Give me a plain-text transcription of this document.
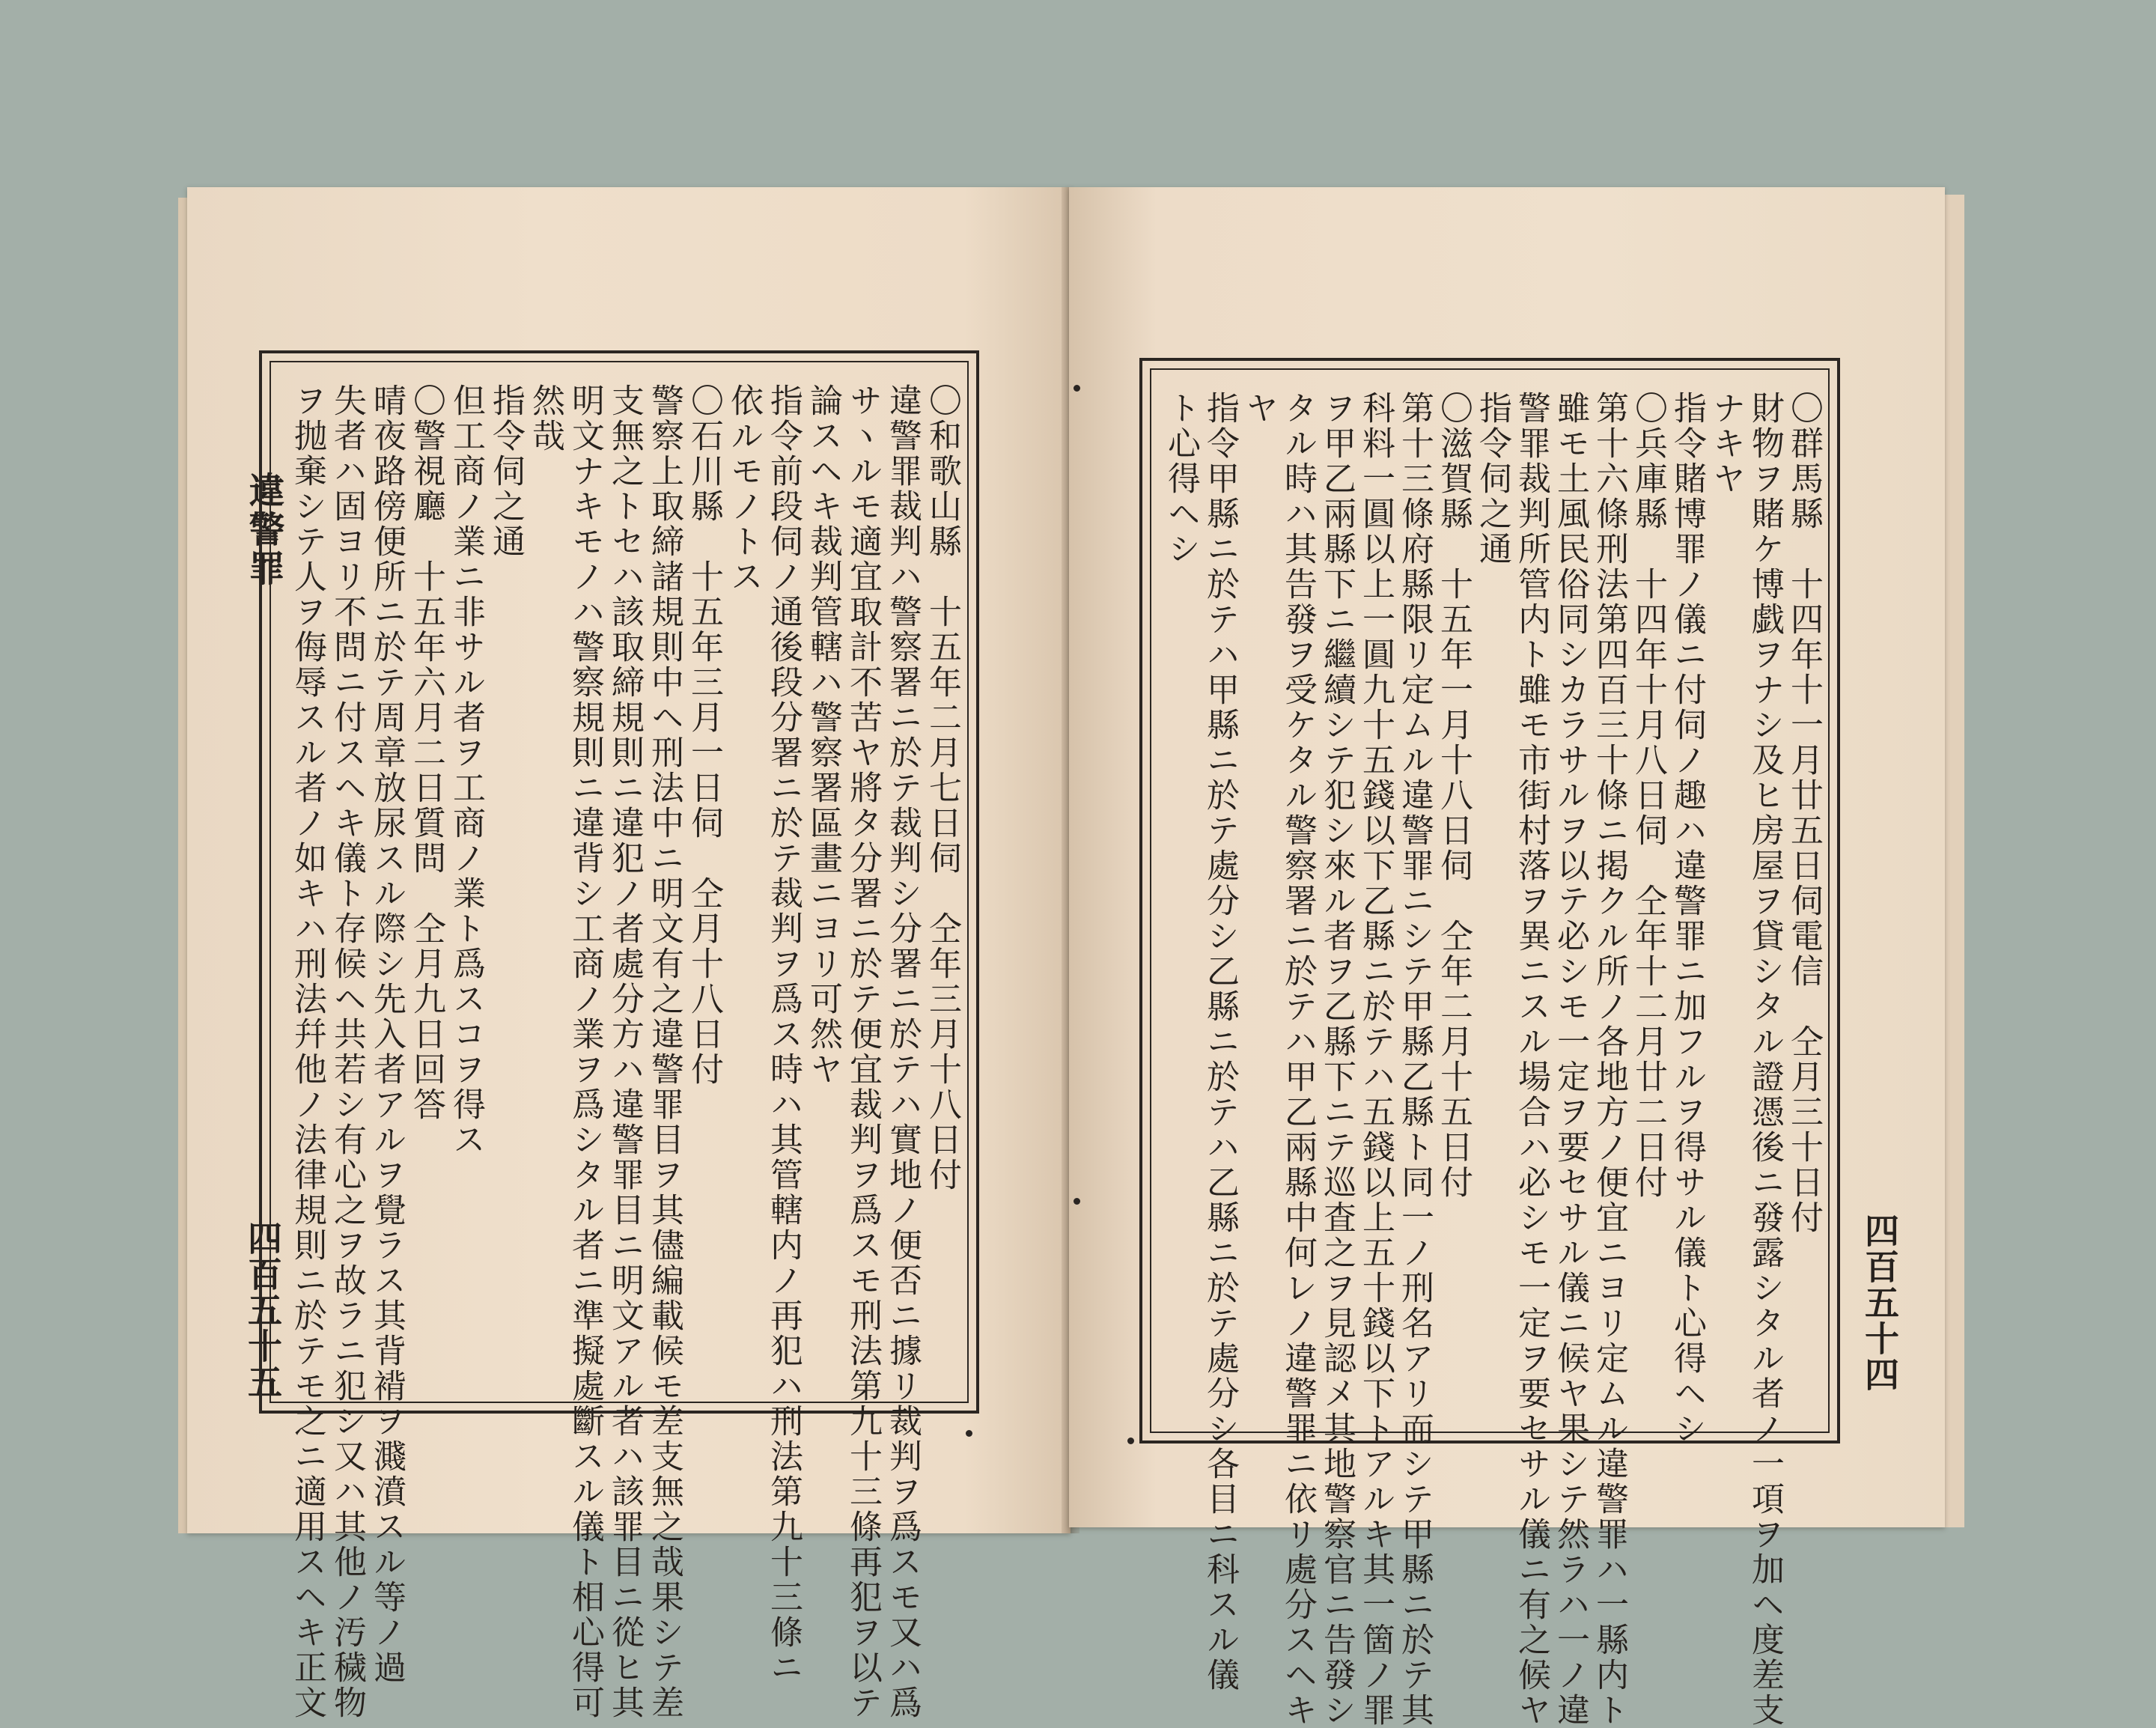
違警罪
四百五十五
〇和歌山縣　十五年二月七日伺　仝年三月十八日付
違警罪裁判ハ警察署ニ於テ裁判シ分署ニ於テハ實地ノ便否ニ據リ裁判ヲ爲スモ又ハ爲
サヽルモ適宜取計不苦ヤ將タ分署ニ於テ便宜裁判ヲ爲スモ刑法第九十三條再犯ヲ以テ
論スヘキ裁判管轄ハ警察署區畫ニヨリ可然ヤ
指令前段伺ノ通後段分署ニ於テ裁判ヲ爲ス時ハ其管轄内ノ再犯ハ刑法第九十三條ニ
依ルモノトス
〇石川縣　十五年三月一日伺　仝月十八日付
警察上取締諸規則中ヘ刑法中ニ明文有之違警罪目ヲ其儘編載候モ差支無之哉果シテ差
支無之トセハ該取締規則ニ違犯ノ者處分方ハ違警罪目ニ明文アル者ハ該罪目ニ從ヒ其
明文ナキモノハ警察規則ニ違背シ工商ノ業ヲ爲シタル者ニ準擬處斷スル儀ト相心得可
然哉
指令伺之通
但工商ノ業ニ非サル者ヲ工商ノ業ト爲スコヲ得ス
〇警視廳　十五年六月二日質問　仝月九日回答
晴夜路傍便所ニ於テ周章放尿スル際シ先入者アルヲ覺ラス其背褙ヲ濺濆スル等ノ過
失者ハ固ヨリ不問ニ付スヘキ儀ト存候ヘ共若シ有心之ヲ故ラニ犯シ又ハ其他ノ汚穢物
ヲ抛棄シテ人ヲ侮辱スル者ノ如キハ刑法幷他ノ法律規則ニ於テモ之ニ適用スヘキ正文	〇群馬縣　十四年十一月廿五日伺電信　仝月三十日付
財物ヲ賭ケ博戯ヲナシ及ヒ房屋ヲ貸シタル證憑後ニ發露シタル者ノ一項ヲ加ヘ度差支
ナキヤ
指令賭博罪ノ儀ニ付伺ノ趣ハ違警罪ニ加フルヲ得サル儀ト心得ヘシ
〇兵庫縣　十四年十月八日伺　仝年十二月廿二日付
第十六條刑法第四百三十條ニ掲クル所ノ各地方ノ便宜ニヨリ定ムル違警罪ハ一縣内ト
雖モ土風民俗同シカラサルヲ以テ必シモ一定ヲ要セサル儀ニ候ヤ果シテ然ラハ一ノ違
警罪裁判所管内ト雖モ市街村落ヲ異ニスル場合ハ必シモ一定ヲ要セサル儀ニ有之候ヤ
指令伺之通
〇滋賀縣　十五年一月十八日伺　仝年二月十五日付
第十三條府縣限リ定ムル違警罪ニシテ甲縣乙縣ト同一ノ刑名アリ而シテ甲縣ニ於テ其
科料一圓以上一圓九十五錢以下乙縣ニ於テハ五錢以上五十錢以下トアルキ其一箇ノ罪
ヲ甲乙兩縣下ニ繼續シテ犯シ來ル者ヲ乙縣下ニテ巡査之ヲ見認メ其地警察官ニ告發シ
タル時ハ其告發ヲ受ケタル警察署ニ於テハ甲乙兩縣中何レノ違警罪ニ依リ處分スヘキ
ヤ
指令甲縣ニ於テハ甲縣ニ於テ處分シ乙縣ニ於テハ乙縣ニ於テ處分シ各目ニ科スル儀
ト心得ヘシ
四百五十四
